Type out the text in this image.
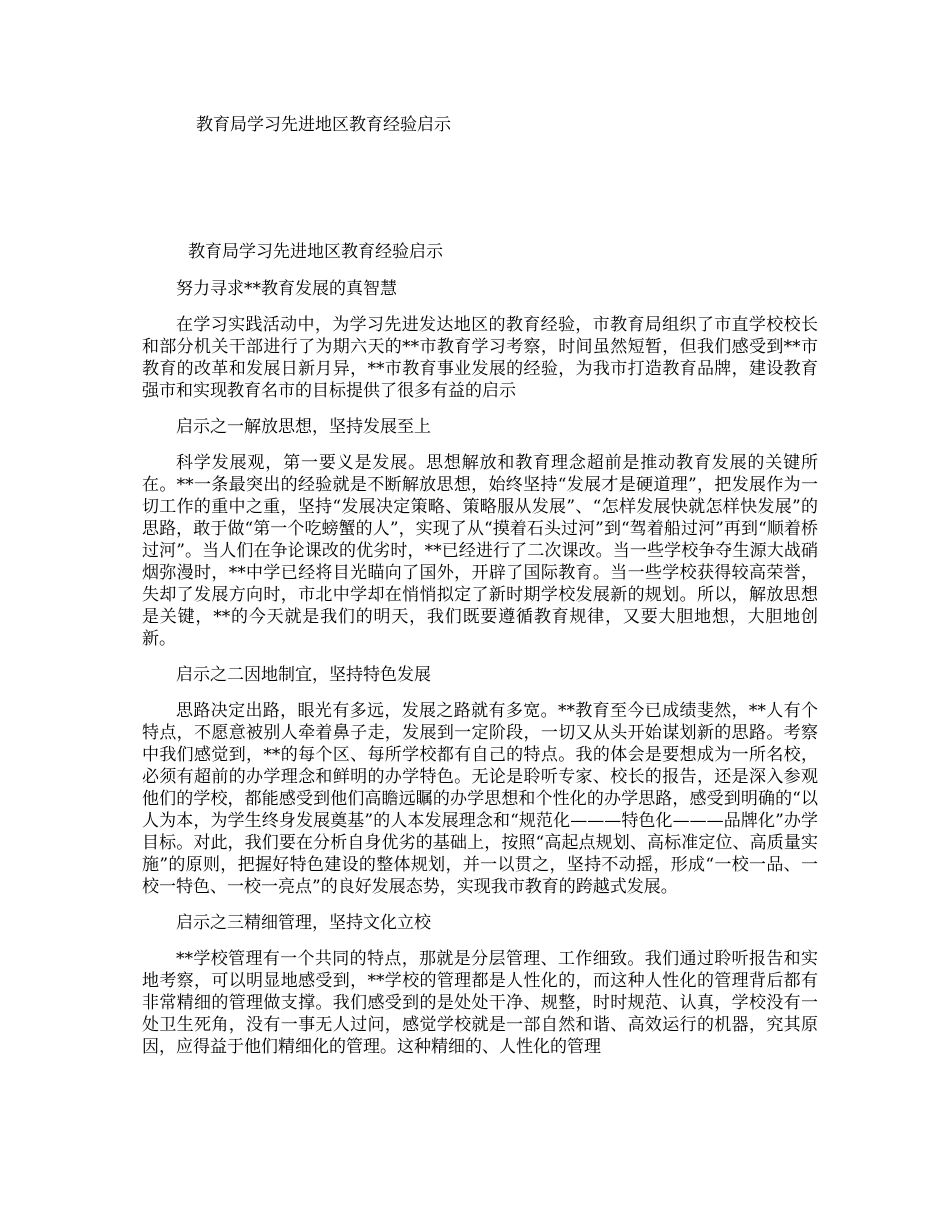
教育局学习先进地区教育经验启示
教育局学习先进地区教育经验启示
努力寻求**教育发展的真智慧
在学习实践活动中，为学习先进发达地区的教育经验，市教育局组织了市直学校校长和部分机关干部进行了为期六天的**市教育学习考察，时间虽然短暂，但我们感受到**市教育的改革和发展日新月异，**市教育事业发展的经验，为我市打造教育品牌，建设教育强市和实现教育名市的目标提供了很多有益的启示
启示之一解放思想，坚持发展至上
科学发展观，第一要义是发展。思想解放和教育理念超前是推动教育发展的关键所在。**一条最突出的经验就是不断解放思想，始终坚持“发展才是硬道理”，把发展作为一切工作的重中之重，坚持“发展决定策略、策略服从发展”、“怎样发展快就怎样快发展”的思路，敢于做“第一个吃螃蟹的人”，实现了从“摸着石头过河”到“驾着船过河”再到“顺着桥过河”。当人们在争论课改的优劣时，**已经进行了二次课改。当一些学校争夺生源大战硝烟弥漫时，**中学已经将目光瞄向了国外，开辟了国际教育。当一些学校获得较高荣誉，失却了发展方向时，市北中学却在悄悄拟定了新时期学校发展新的规划。所以，解放思想是关键，**的今天就是我们的明天，我们既要遵循教育规律，又要大胆地想，大胆地创新。
启示之二因地制宜，坚持特色发展
思路决定出路，眼光有多远，发展之路就有多宽。**教育至今已成绩斐然，**人有个特点，不愿意被别人牵着鼻子走，发展到一定阶段，一切又从头开始谋划新的思路。考察中我们感觉到，**的每个区、每所学校都有自己的特点。我的体会是要想成为一所名校，必须有超前的办学理念和鲜明的办学特色。无论是聆听专家、校长的报告，还是深入参观他们的学校，都能感受到他们高瞻远瞩的办学思想和个性化的办学思路，感受到明确的“以人为本，为学生终身发展奠基”的人本发展理念和“规范化———特色化———品牌化”办学目标。对此，我们要在分析自身优劣的基础上，按照“高起点规划、高标准定位、高质量实施”的原则，把握好特色建设的整体规划，并一以贯之，坚持不动摇，形成“一校一品、一校一特色、一校一亮点”的良好发展态势，实现我市教育的跨越式发展。
启示之三精细管理，坚持文化立校
**学校管理有一个共同的特点，那就是分层管理、工作细致。我们通过聆听报告和实地考察，可以明显地感受到，**学校的管理都是人性化的，而这种人性化的管理背后都有非常精细的管理做支撑。我们感受到的是处处干净、规整，时时规范、认真，学校没有一处卫生死角，没有一事无人过问，感觉学校就是一部自然和谐、高效运行的机器，究其原因，应得益于他们精细化的管理。这种精细的、人性化的管理
